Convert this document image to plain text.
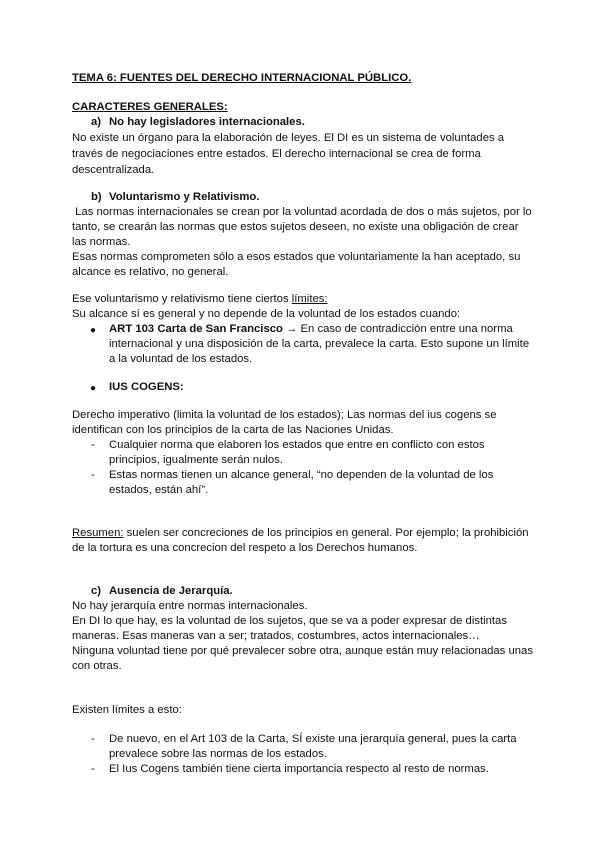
TEMA 6: FUENTES DEL DERECHO INTERNACIONAL PÚBLICO.
CARACTERES GENERALES:
a) No hay legisladores internacionales.
No existe un órgano para la elaboración de leyes. El DI es un sistema de voluntades a
través de negociaciones entre estados. El derecho internacional se crea de forma
descentralizada.
b) Voluntarismo y Relativismo.
Las normas internacionales se crean por la voluntad acordada de dos o más sujetos, por lo
tanto, se crearán las normas que estos sujetos deseen, no existe una obligación de crear
las normas.
Esas normas comprometen sólo a esos estados que voluntariamente la han aceptado, su
alcance es relativo, no general.
Ese voluntarismo y relativismo tiene ciertos límites:
Su alcance sí es general y no depende de la voluntad de los estados cuando:
● ART 103 Carta de San Francisco → En caso de contradicción entre una norma
internacional y una disposición de la carta, prevalece la carta. Esto supone un límite
a la voluntad de los estados.
● IUS COGENS:
Derecho imperativo (limita la voluntad de los estados); Las normas del ius cogens se
identifican con los principios de la carta de las Naciones Unidas.
- Cualquier norma que elaboren los estados que entre en conflicto con estos
principios, igualmente serán nulos.
- Estas normas tienen un alcance general, “no dependen de la voluntad de los
estados, están ahí”.
Resumen: suelen ser concreciones de los principios en general. Por ejemplo; la prohibición
de la tortura es una concrecion del respeto a los Derechos humanos.
c) Ausencia de Jerarquía.
No hay jerarquía entre normas internacionales.
En DI lo que hay, es la voluntad de los sujetos, que se va a poder expresar de distintas
maneras. Esas maneras van a ser; tratados, costumbres, actos internacionales…
Ninguna voluntad tiene por qué prevalecer sobre otra, aunque están muy relacionadas unas
con otras.
Existen límites a esto:
- De nuevo, en el Art 103 de la Carta, SÍ existe una jerarquía general, pues la carta
prevalece sobre las normas de los estados.
- El Ius Cogens también tiene cierta importancia respecto al resto de normas.
